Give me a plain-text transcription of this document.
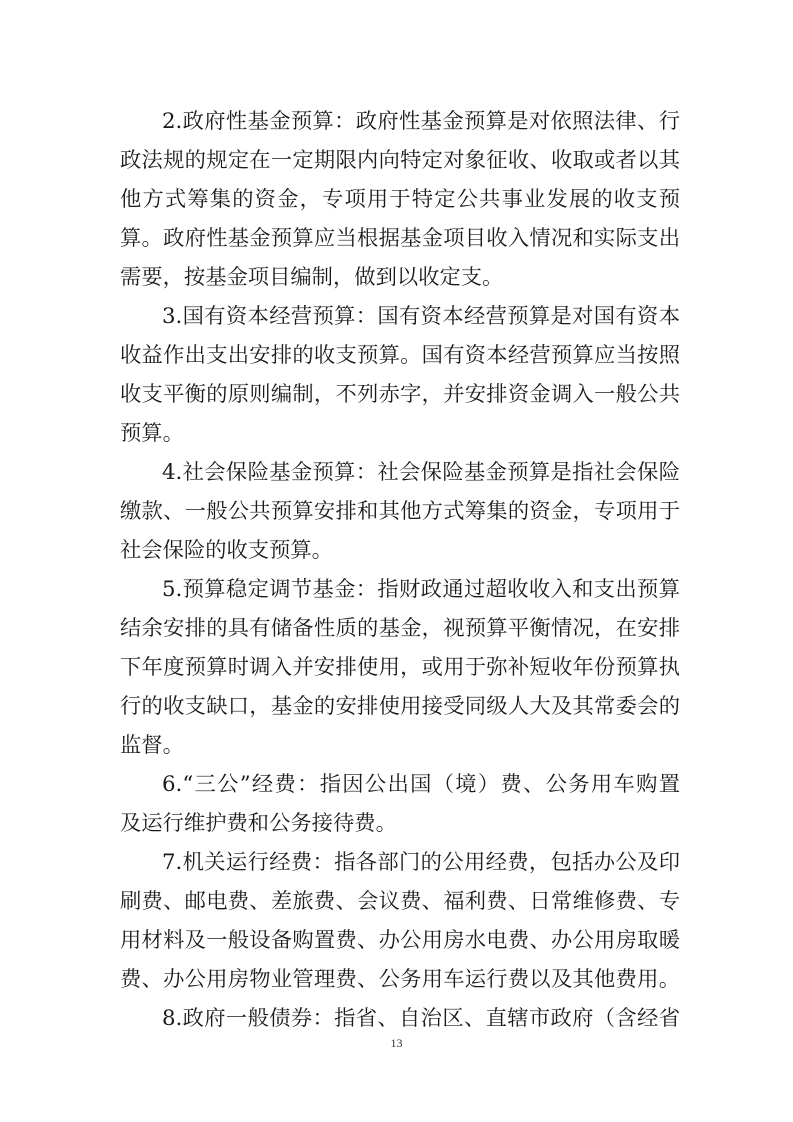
2.政府性基金预算：政府性基金预算是对依照法律、行
政法规的规定在一定期限内向特定对象征收、收取或者以其
他方式筹集的资金，专项用于特定公共事业发展的收支预
算。政府性基金预算应当根据基金项目收入情况和实际支出
需要，按基金项目编制，做到以收定支。
3.国有资本经营预算：国有资本经营预算是对国有资本
收益作出支出安排的收支预算。国有资本经营预算应当按照
收支平衡的原则编制，不列赤字，并安排资金调入一般公共
预算。
4.社会保险基金预算：社会保险基金预算是指社会保险
缴款、一般公共预算安排和其他方式筹集的资金，专项用于
社会保险的收支预算。
5.预算稳定调节基金：指财政通过超收收入和支出预算
结余安排的具有储备性质的基金，视预算平衡情况，在安排
下年度预算时调入并安排使用，或用于弥补短收年份预算执
行的收支缺口，基金的安排使用接受同级人大及其常委会的
监督。
6.“三公”经费：指因公出国（境）费、公务用车购置
及运行维护费和公务接待费。
7.机关运行经费：指各部门的公用经费，包括办公及印
刷费、邮电费、差旅费、会议费、福利费、日常维修费、专
用材料及一般设备购置费、办公用房水电费、办公用房取暖
费、办公用房物业管理费、公务用车运行费以及其他费用。
8.政府一般债券：指省、自治区、直辖市政府（含经省
13
